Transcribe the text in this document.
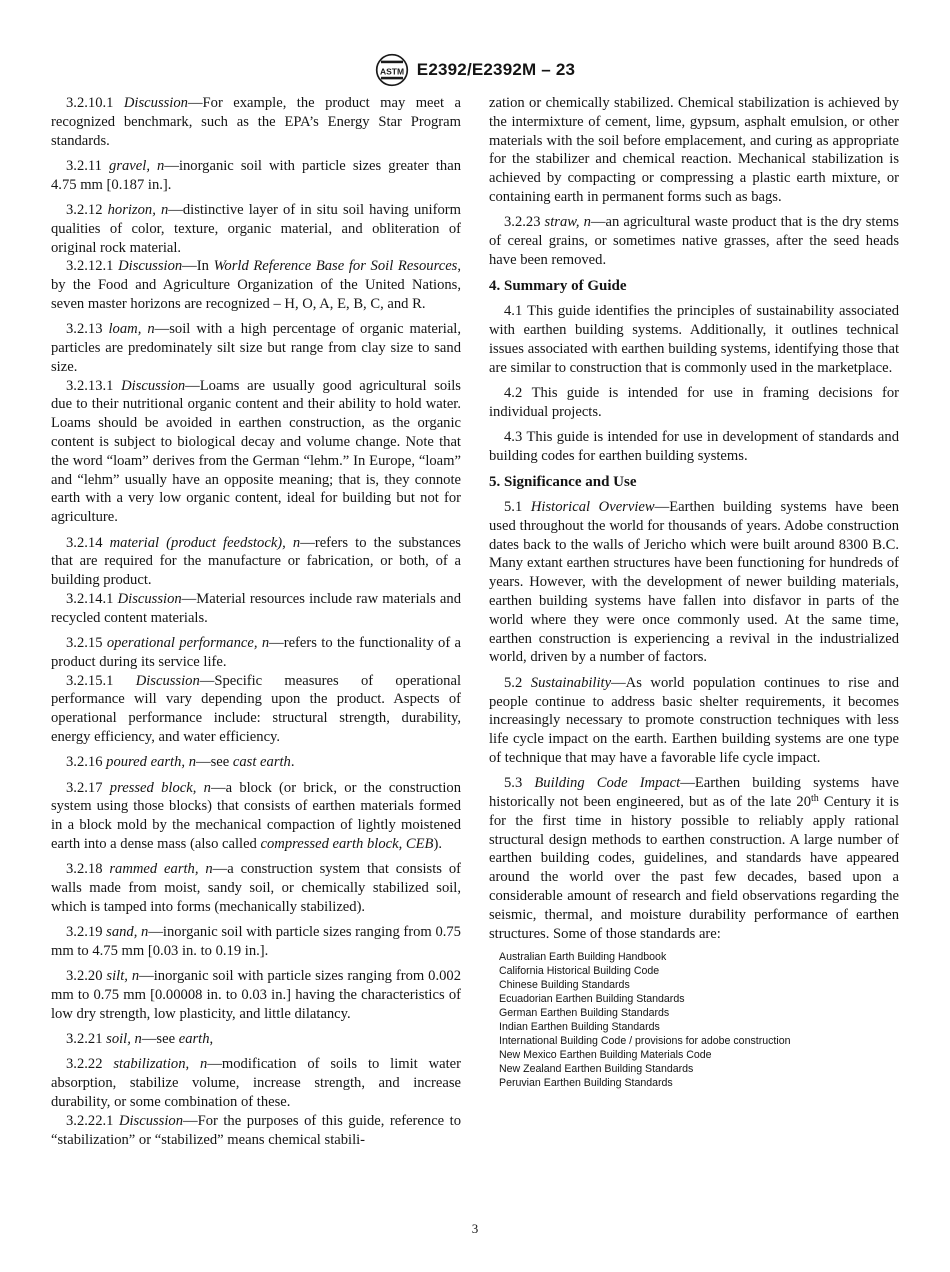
ASTM E2392/E2392M – 23

3.2.10.1 Discussion—For example, the product may meet a recognized benchmark, such as the EPA’s Energy Star Program standards.

3.2.11 gravel, n—inorganic soil with particle sizes greater than 4.75 mm [0.187 in.].

3.2.12 horizon, n—distinctive layer of in situ soil having uniform qualities of color, texture, organic material, and obliteration of original rock material.

3.2.12.1 Discussion—In World Reference Base for Soil Resources, by the Food and Agriculture Organization of the United Nations, seven master horizons are recognized – H, O, A, E, B, C, and R.

3.2.13 loam, n—soil with a high percentage of organic material, particles are predominately silt size but range from clay size to sand size.

3.2.13.1 Discussion—Loams are usually good agricultural soils due to their nutritional organic content and their ability to hold water. Loams should be avoided in earthen construction, as the organic content is subject to biological decay and volume change. Note that the word “loam” derives from the German “lehm.” In Europe, “loam” and “lehm” usually have an opposite meaning; that is, they connote earth with a very low organic content, ideal for building but not for agriculture.

3.2.14 material (product feedstock), n—refers to the substances that are required for the manufacture or fabrication, or both, of a building product.

3.2.14.1 Discussion—Material resources include raw materials and recycled content materials.

3.2.15 operational performance, n—refers to the functionality of a product during its service life.

3.2.15.1 Discussion—Specific measures of operational performance will vary depending upon the product. Aspects of operational performance include: structural strength, durability, energy efficiency, and water efficiency.

3.2.16 poured earth, n—see cast earth.

3.2.17 pressed block, n—a block (or brick, or the construction system using those blocks) that consists of earthen materials formed in a block mold by the mechanical compaction of lightly moistened earth into a dense mass (also called compressed earth block, CEB).

3.2.18 rammed earth, n—a construction system that consists of walls made from moist, sandy soil, or chemically stabilized soil, which is tamped into forms (mechanically stabilized).

3.2.19 sand, n—inorganic soil with particle sizes ranging from 0.75 mm to 4.75 mm [0.03 in. to 0.19 in.].

3.2.20 silt, n—inorganic soil with particle sizes ranging from 0.002 mm to 0.75 mm [0.00008 in. to 0.03 in.] having the characteristics of low dry strength, low plasticity, and little dilatancy.

3.2.21 soil, n—see earth,

3.2.22 stabilization, n—modification of soils to limit water absorption, stabilize volume, increase strength, and increase durability, or some combination of these.

3.2.22.1 Discussion—For the purposes of this guide, reference to “stabilization” or “stabilized” means chemical stabili-

zation or chemically stabilized. Chemical stabilization is achieved by the intermixture of cement, lime, gypsum, asphalt emulsion, or other materials with the soil before emplacement, and curing as appropriate for the stabilizer and chemical reaction. Mechanical stabilization is achieved by compacting or compressing a plastic earth mixture, or containing earth in permanent forms such as bags.

3.2.23 straw, n—an agricultural waste product that is the dry stems of cereal grains, or sometimes native grasses, after the seed heads have been removed.

4. Summary of Guide

4.1 This guide identifies the principles of sustainability associated with earthen building systems. Additionally, it outlines technical issues associated with earthen building systems, identifying those that are similar to construction that is commonly used in the marketplace.

4.2 This guide is intended for use in framing decisions for individual projects.

4.3 This guide is intended for use in development of standards and building codes for earthen building systems.

5. Significance and Use

5.1 Historical Overview—Earthen building systems have been used throughout the world for thousands of years. Adobe construction dates back to the walls of Jericho which were built around 8300 B.C. Many extant earthen structures have been functioning for hundreds of years. However, with the development of newer building materials, earthen building systems have fallen into disfavor in parts of the world where they were once commonly used. At the same time, earthen construction is experiencing a revival in the industrialized world, driven by a number of factors.

5.2 Sustainability—As world population continues to rise and people continue to address basic shelter requirements, it becomes increasingly necessary to promote construction techniques with less life cycle impact on the earth. Earthen building systems are one type of technique that may have a favorable life cycle impact.

5.3 Building Code Impact—Earthen building systems have historically not been engineered, but as of the late 20th Century it is for the first time in history possible to reliably apply rational structural design methods to earthen construction. A large number of earthen building codes, guidelines, and standards have appeared around the world over the past few decades, based upon a considerable amount of research and field observations regarding the seismic, thermal, and moisture durability performance of earthen structures. Some of those standards are:

Australian Earth Building Handbook
California Historical Building Code
Chinese Building Standards
Ecuadorian Earthen Building Standards
German Earthen Building Standards
Indian Earthen Building Standards
International Building Code / provisions for adobe construction
New Mexico Earthen Building Materials Code
New Zealand Earthen Building Standards
Peruvian Earthen Building Standards
3
